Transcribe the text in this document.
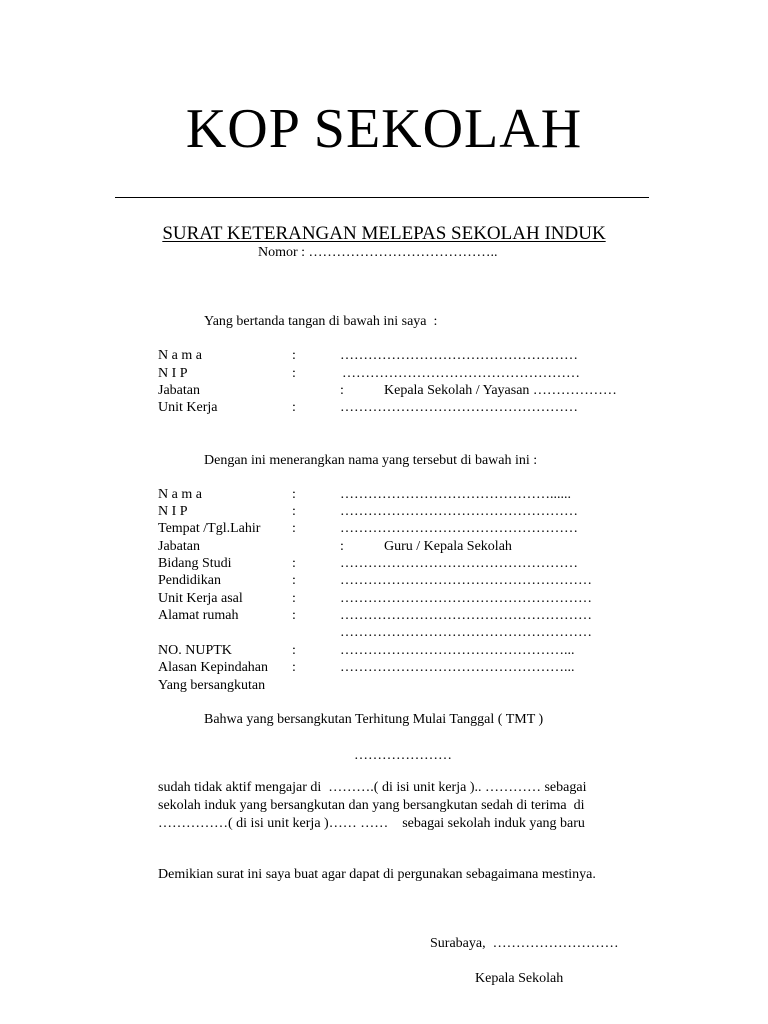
KOP SEKOLAH
SURAT KETERANGAN MELEPAS SEKOLAH INDUK
Nomor : …………………………………..
Yang bertanda tangan di bawah ini saya  :
N a m a	:	……………………………………………
N I P	:	……………………………………………
Jabatan	:	Kepala Sekolah / Yayasan ………………
Unit Kerja	:	……………………………………………
Dengan ini menerangkan nama yang tersebut di bawah ini :
N a m a	:	………………………………………......
N I P	:	……………………………………………
Tempat /Tgl.Lahir :	……………………………………………
Jabatan	:	Guru / Kepala Sekolah
Bidang Studi	:	……………………………………………
Pendidikan	:	………………………………………………
Unit Kerja asal	:	………………………………………………
Alamat rumah	:	………………………………………………
………………………………………………
NO. NUPTK	:	…………………………………………...
Alasan Kepindahan :	…………………………………………...
Yang bersangkutan
Bahwa yang bersangkutan Terhitung Mulai Tanggal ( TMT )
…………………
sudah tidak aktif mengajar di  ……….( di isi unit kerja ).. ………… sebagai
sekolah induk yang bersangkutan dan yang bersangkutan sedah di terima  di
……………( di isi unit kerja )…… ……    sebagai sekolah induk yang baru
Demikian surat ini saya buat agar dapat di pergunakan sebagaimana mestinya.
Surabaya,  ………………………
Kepala Sekolah
